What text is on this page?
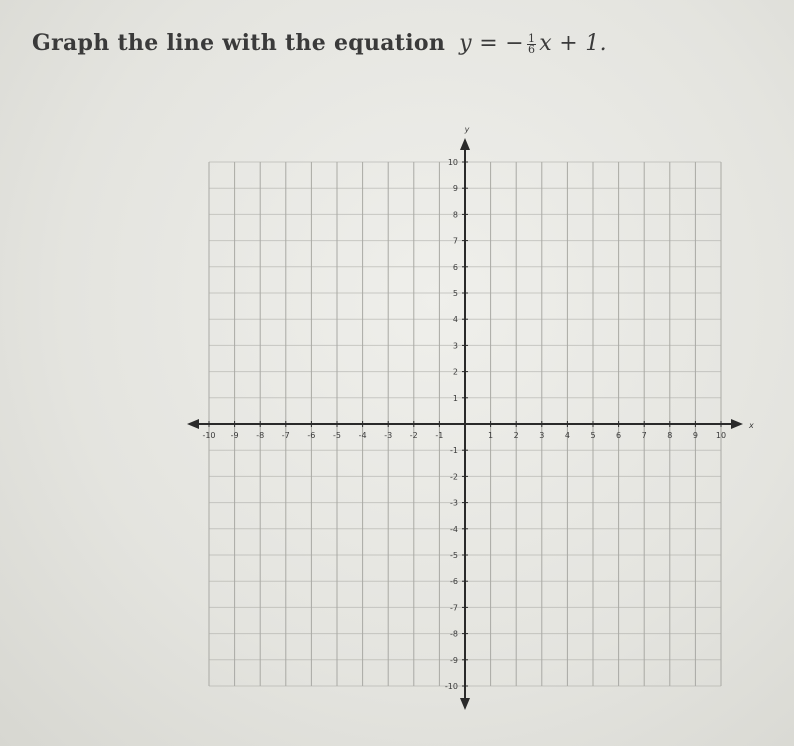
Graph the line with the equation y = − $\frac{1}{6}$ x + 1.
-10 -9 -8 -7 -6 -5 -4 -3 -2 -1	1	2	3	4	5	6	7	8	9 10
1
2
3
4
5
6
7
8
9
10
-1
-2
-3
-4
-5
-6
-7
-8
-9
-10
x
y
